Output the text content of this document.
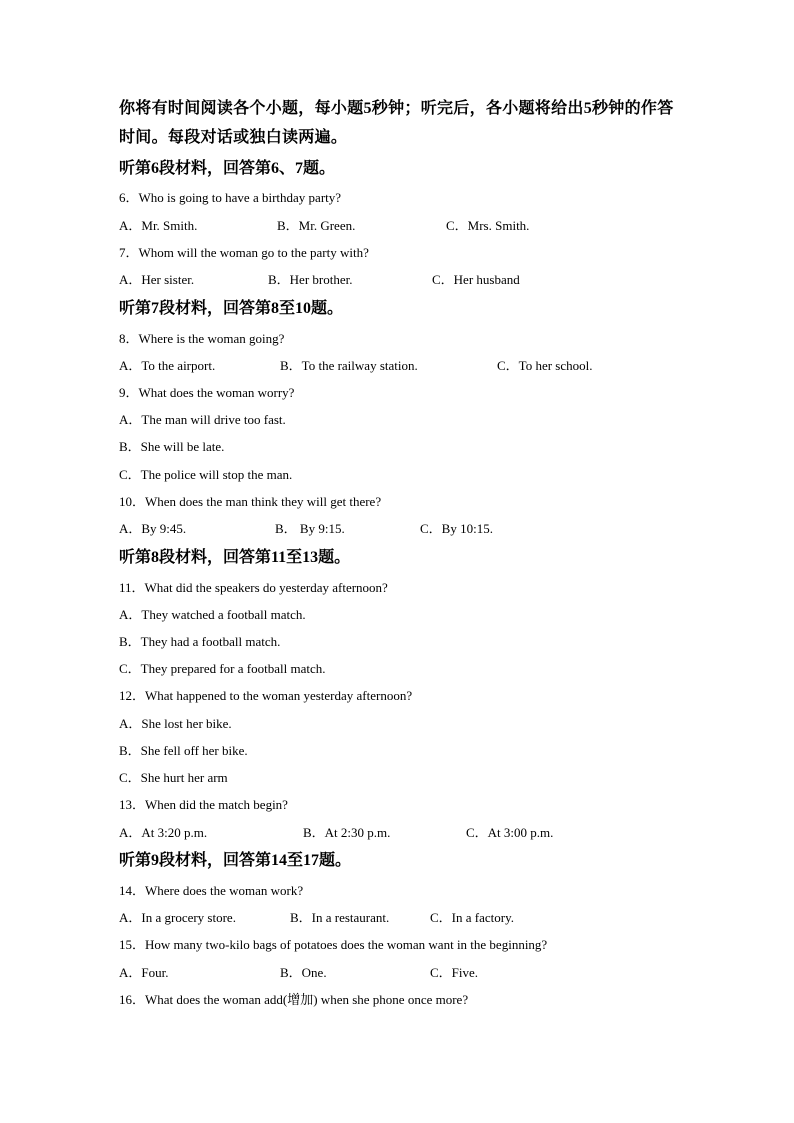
你将有时间阅读各个小题，每小题5秒钟；听完后，各小题将给出5秒钟的作答时间。每段对话或独白读两遍。
听第6段材料，回答第6、7题。
6．Who is going to have a birthday party?
A．Mr. Smith.	B．Mr. Green.	C．Mrs. Smith.
7．Whom will the woman go to the party with?
A．Her sister.	B．Her brother.	C．Her husband
听第7段材料，回答第8至10题。
8．Where is the woman going?
A．To the airport.	B．To the railway station.	C．To her school.
9．What does the woman worry?
A．The man will drive too fast.
B．She will be late.
C．The police will stop the man.
10．When does the man think they will get there?
A．By 9:45.	B． By 9:15.	C．By 10:15.
听第8段材料，回答第11至13题。
11．What did the speakers do yesterday afternoon?
A．They watched a football match.
B．They had a football match.
C．They prepared for a football match.
12．What happened to the woman yesterday afternoon?
A．She lost her bike.
B．She fell off her bike.
C．She hurt her arm
13．When did the match begin?
A．At 3:20 p.m.	B．At 2:30 p.m.	C．At 3:00 p.m.
听第9段材料，回答第14至17题。
14．Where does the woman work?
A．In a grocery store.	B．In a restaurant.	C．In a factory.
15．How many two-kilo bags of potatoes does the woman want in the beginning?
A．Four.	B．One.	C．Five.
16．What does the woman add(增加) when she phone once more?
